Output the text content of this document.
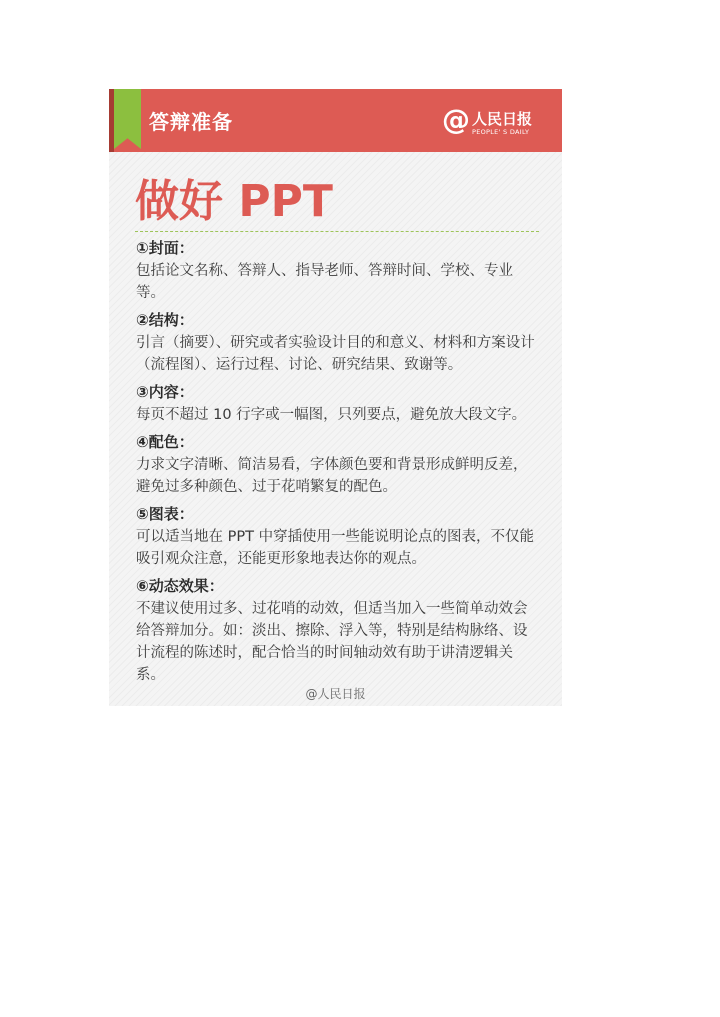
答辩准备	@ 人民日报
PEOPLE' S DAILY
做好 PPT
①封面：
包括论文名称、答辩人、指导老师、答辩时间、学校、专业等。
②结构：
引言（摘要）、研究或者实验设计目的和意义、材料和方案设计（流程图）、运行过程、讨论、研究结果、致谢等。
③内容：
每页不超过 10 行字或一幅图，只列要点，避免放大段文字。
④配色：
力求文字清晰、简洁易看，字体颜色要和背景形成鲜明反差，避免过多种颜色、过于花哨繁复的配色。
⑤图表：
可以适当地在 PPT 中穿插使用一些能说明论点的图表，不仅能吸引观众注意，还能更形象地表达你的观点。
⑥动态效果：
不建议使用过多、过花哨的动效，但适当加入一些简单动效会给答辩加分。如：淡出、擦除、浮入等，特别是结构脉络、设计流程的陈述时，配合恰当的时间轴动效有助于讲清逻辑关系。
@人民日报
